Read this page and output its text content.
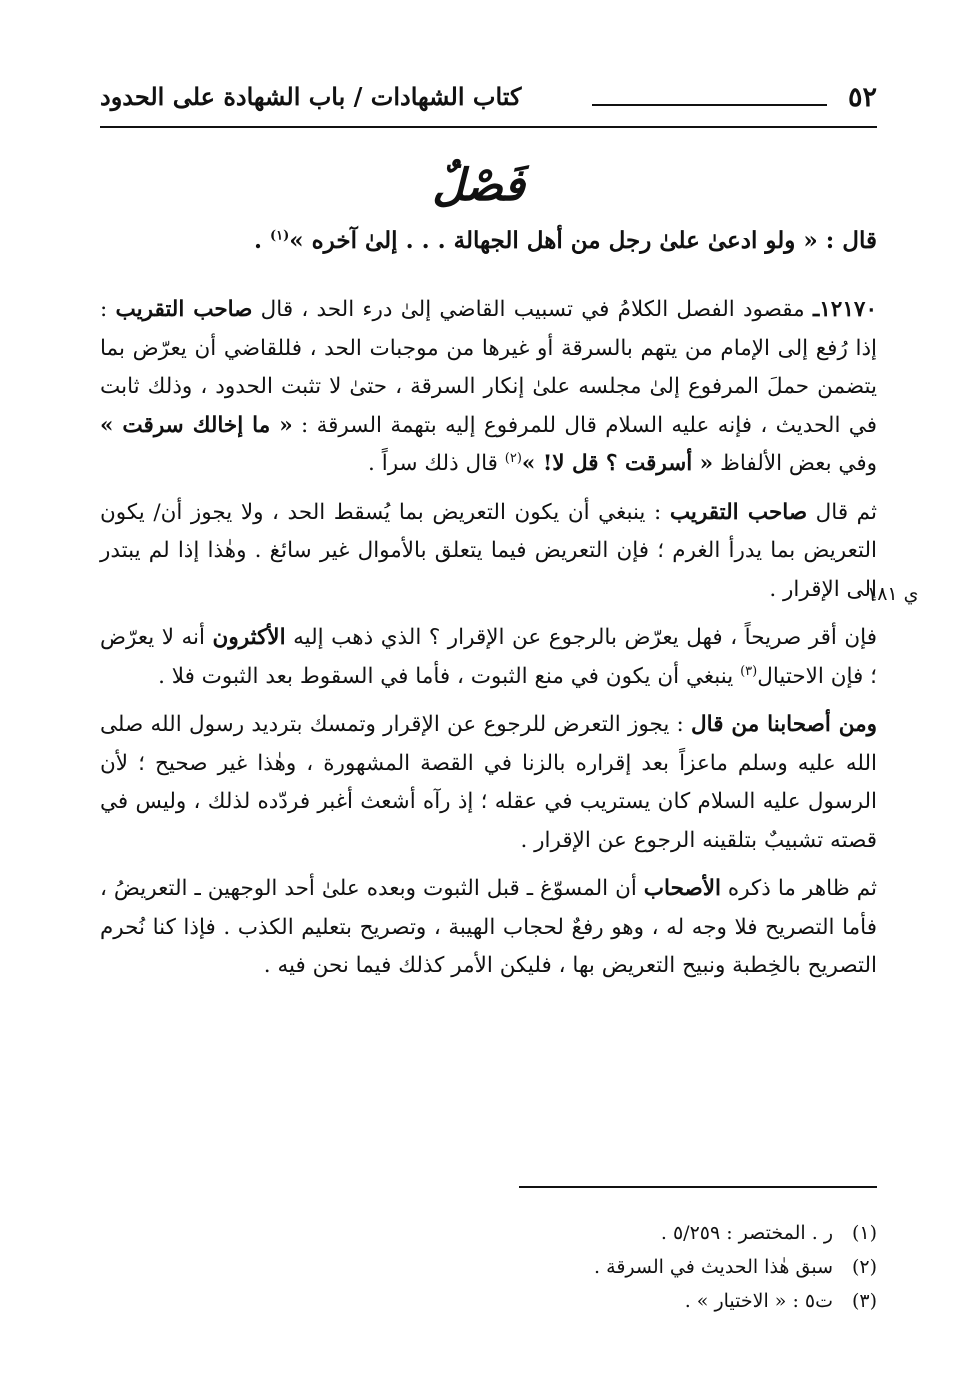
٥٢
كتاب الشهادات / باب الشهادة على الحدود
فَصْلٌ
قال : « ولو ادعىٰ علىٰ رجل من أهل الجهالة . . . إلىٰ آخره »$^{(١)}$ .

١٢١٧٠ـ مقصود الفصل الكلامُ في تسبيب القاضي إلىٰ درء الحد ، قال صاحب التقريب : إذا رُفع إلى الإمام من يتهم بالسرقة أو غيرها من موجبات الحد ، فللقاضي أن يعرّض بما يتضمن حملَ المرفوع إلىٰ مجلسه علىٰ إنكار السرقة ، حتىٰ لا تثبت الحدود ، وذلك ثابت في الحديث ، فإنه عليه السلام قال للمرفوع إليه بتهمة السرقة : « ما إخالك سرقت » وفي بعض الألفاظ « أسرقت ؟ قل لا! »$^{(٢)}$ قال ذلك سراً .

ثم قال صاحب التقريب : ينبغي أن يكون التعريض بما يُسقط الحد ، ولا يجوز أن/ يكون التعريض بما يدرأ الغرم ؛ فإن التعريض فيما يتعلق بالأموال غير سائغ . وهٰذا إذا لم يبتدر إلى الإقرار .

فإن أقر صريحاً ، فهل يعرّض بالرجوع عن الإقرار ؟ الذي ذهب إليه الأكثرون أنه لا يعرّض ؛ فإن الاحتيال$^{(٣)}$ ينبغي أن يكون في منع الثبوت ، فأما في السقوط بعد الثبوت فلا .

ومن أصحابنا من قال : يجوز التعرض للرجوع عن الإقرار وتمسك بترديد رسول الله صلى الله عليه وسلم ماعزاً بعد إقراره بالزنا في القصة المشهورة ، وهٰذا غير صحيح ؛ لأن الرسول عليه السلام كان يستريب في عقله ؛ إذ رآه أشعث أغبر فردّده لذلك ، وليس في قصته تشبيبٌ بتلقينه الرجوع عن الإقرار .

ثم ظاهر ما ذكره الأصحاب أن المسوّغ ـ قبل الثبوت وبعده علىٰ أحد الوجهين ـ التعريضُ ، فأما التصريح فلا وجه له ، وهو رفعٌ لحجاب الهيبة ، وتصريح بتعليم الكذب . فإذا كنا نُحرم التصريح بالخِطبة ونبيح التعريض بها ، فليكن الأمر كذلك فيما نحن فيه .

ي ١٨١
(١)ر . المختصر : ٥/٢٥٩ .
(٢)سبق هٰذا الحديث في السرقة .
(٣)ت٥ : « الاختيار » .
